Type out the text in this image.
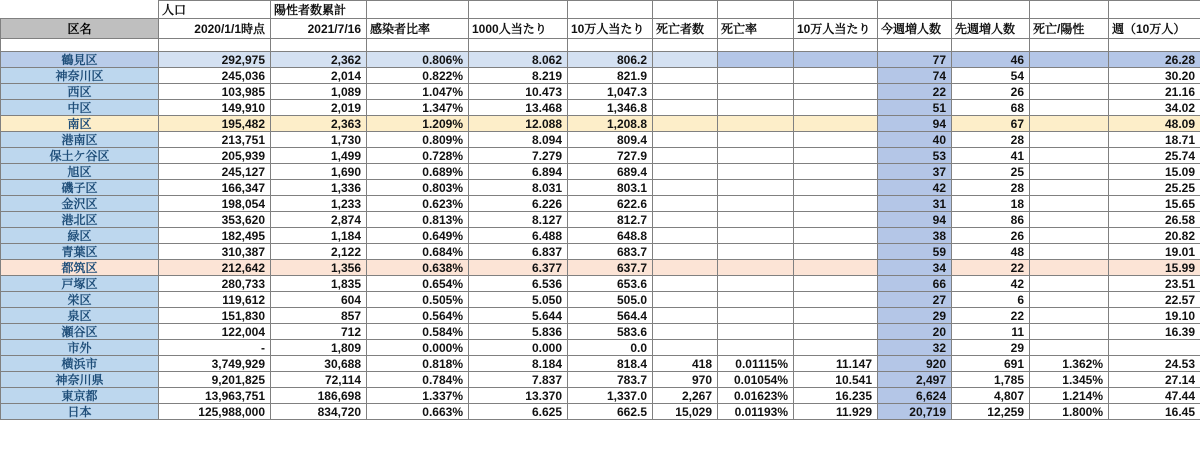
	人口	陽性者数累計										
区名	2020/1/1時点	2021/7/16	感染者比率	1000人当たり	10万人当たり	死亡者数	死亡率	10万人当たり	今週増人数	先週増人数	死亡/陽性	週（10万人）

鶴見区	292,975	2,362	0.806%	8.062	806.2				77	46		26.28
神奈川区	245,036	2,014	0.822%	8.219	821.9				74	54		30.20
西区	103,985	1,089	1.047%	10.473	1,047.3				22	26		21.16
中区	149,910	2,019	1.347%	13.468	1,346.8				51	68		34.02
南区	195,482	2,363	1.209%	12.088	1,208.8				94	67		48.09
港南区	213,751	1,730	0.809%	8.094	809.4				40	28		18.71
保土ケ谷区	205,939	1,499	0.728%	7.279	727.9				53	41		25.74
旭区	245,127	1,690	0.689%	6.894	689.4				37	25		15.09
磯子区	166,347	1,336	0.803%	8.031	803.1				42	28		25.25
金沢区	198,054	1,233	0.623%	6.226	622.6				31	18		15.65
港北区	353,620	2,874	0.813%	8.127	812.7				94	86		26.58
緑区	182,495	1,184	0.649%	6.488	648.8				38	26		20.82
青葉区	310,387	2,122	0.684%	6.837	683.7				59	48		19.01
都筑区	212,642	1,356	0.638%	6.377	637.7				34	22		15.99
戸塚区	280,733	1,835	0.654%	6.536	653.6				66	42		23.51
栄区	119,612	604	0.505%	5.050	505.0				27	6		22.57
泉区	151,830	857	0.564%	5.644	564.4				29	22		19.10
瀬谷区	122,004	712	0.584%	5.836	583.6				20	11		16.39
市外	-	1,809	0.000%	0.000	0.0				32	29		
横浜市	3,749,929	30,688	0.818%	8.184	818.4	418	0.01115%	11.147	920	691	1.362%	24.53
神奈川県	9,201,825	72,114	0.784%	7.837	783.7	970	0.01054%	10.541	2,497	1,785	1.345%	27.14
東京都	13,963,751	186,698	1.337%	13.370	1,337.0	2,267	0.01623%	16.235	6,624	4,807	1.214%	47.44
日本	125,988,000	834,720	0.663%	6.625	662.5	15,029	0.01193%	11.929	20,719	12,259	1.800%	16.45
